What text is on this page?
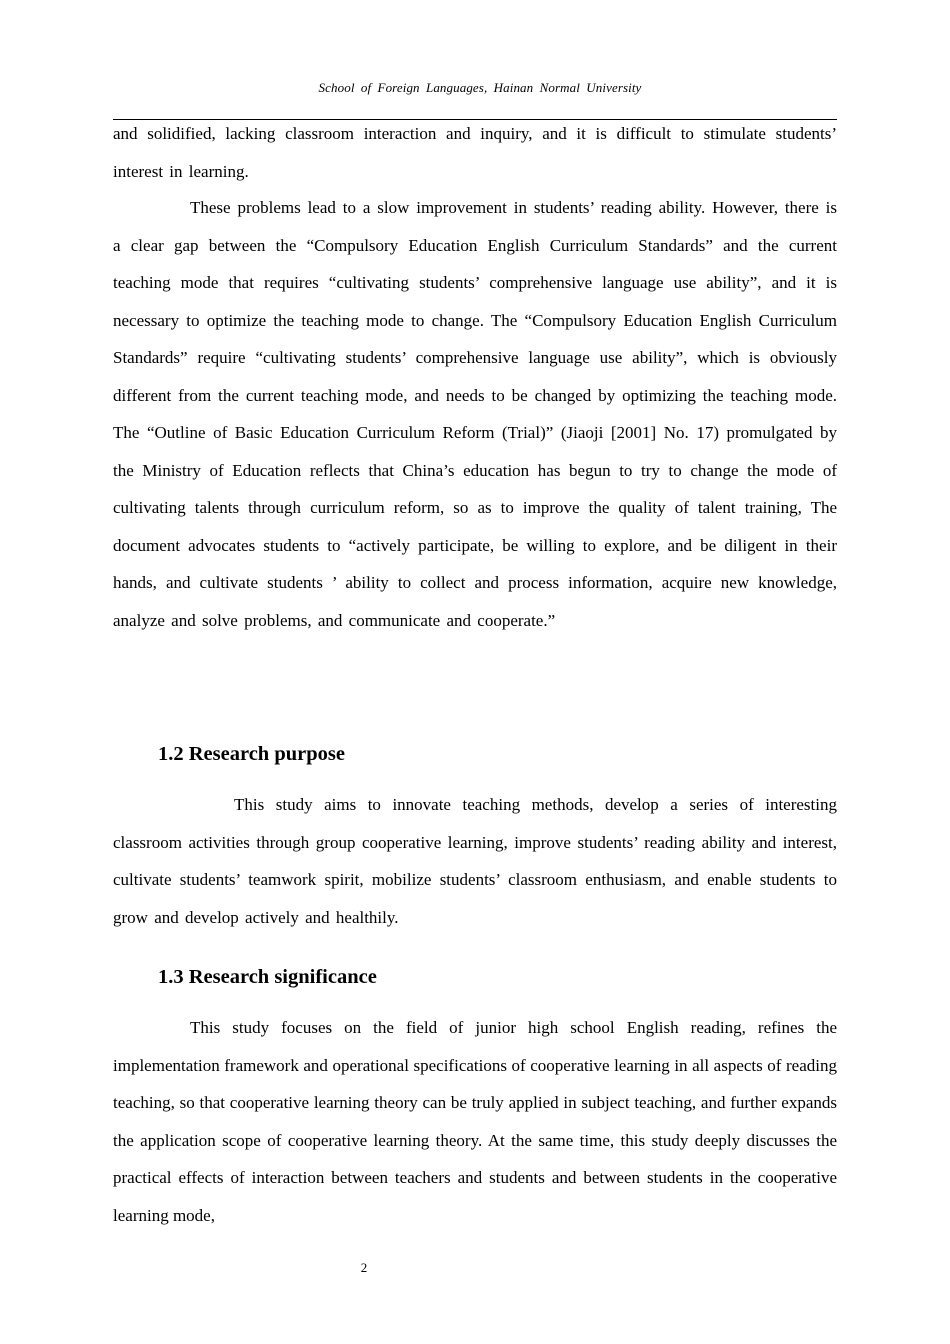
School of Foreign Languages, Hainan Normal University

and solidified, lacking classroom interaction and inquiry, and it is difficult to stimulate students’ interest in learning.

These problems lead to a slow improvement in students’ reading ability. However, there is a clear gap between the “Compulsory Education English Curriculum Standards” and the current teaching mode that requires “cultivating students’ comprehensive language use ability”, and it is necessary to optimize the teaching mode to change. The “Compulsory Education English Curriculum Standards” require “cultivating students’ comprehensive language use ability”, which is obviously different from the current teaching mode, and needs to be changed by optimizing the teaching mode. The “Outline of Basic Education Curriculum Reform (Trial)” (Jiaoji [2001] No. 17) promulgated by the Ministry of Education reflects that China’s education has begun to try to change the mode of cultivating talents through curriculum reform, so as to improve the quality of talent training, The document advocates students to “actively participate, be willing to explore, and be diligent in their hands, and cultivate students ’ ability to collect and process information, acquire new knowledge, analyze and solve problems, and communicate and cooperate.”

1.2 Research purpose

This study aims to innovate teaching methods, develop a series of interesting classroom activities through group cooperative learning, improve students’ reading ability and interest, cultivate students’ teamwork spirit, mobilize students’ classroom enthusiasm, and enable students to grow and develop actively and healthily.

1.3 Research significance

This study focuses on the field of junior high school English reading, refines the implementation framework and operational specifications of cooperative learning in all aspects of reading teaching, so that cooperative learning theory can be truly applied in subject teaching, and further expands the application scope of cooperative learning theory. At the same time, this study deeply discusses the practical effects of interaction between teachers and students and between students in the cooperative learning mode,

2
